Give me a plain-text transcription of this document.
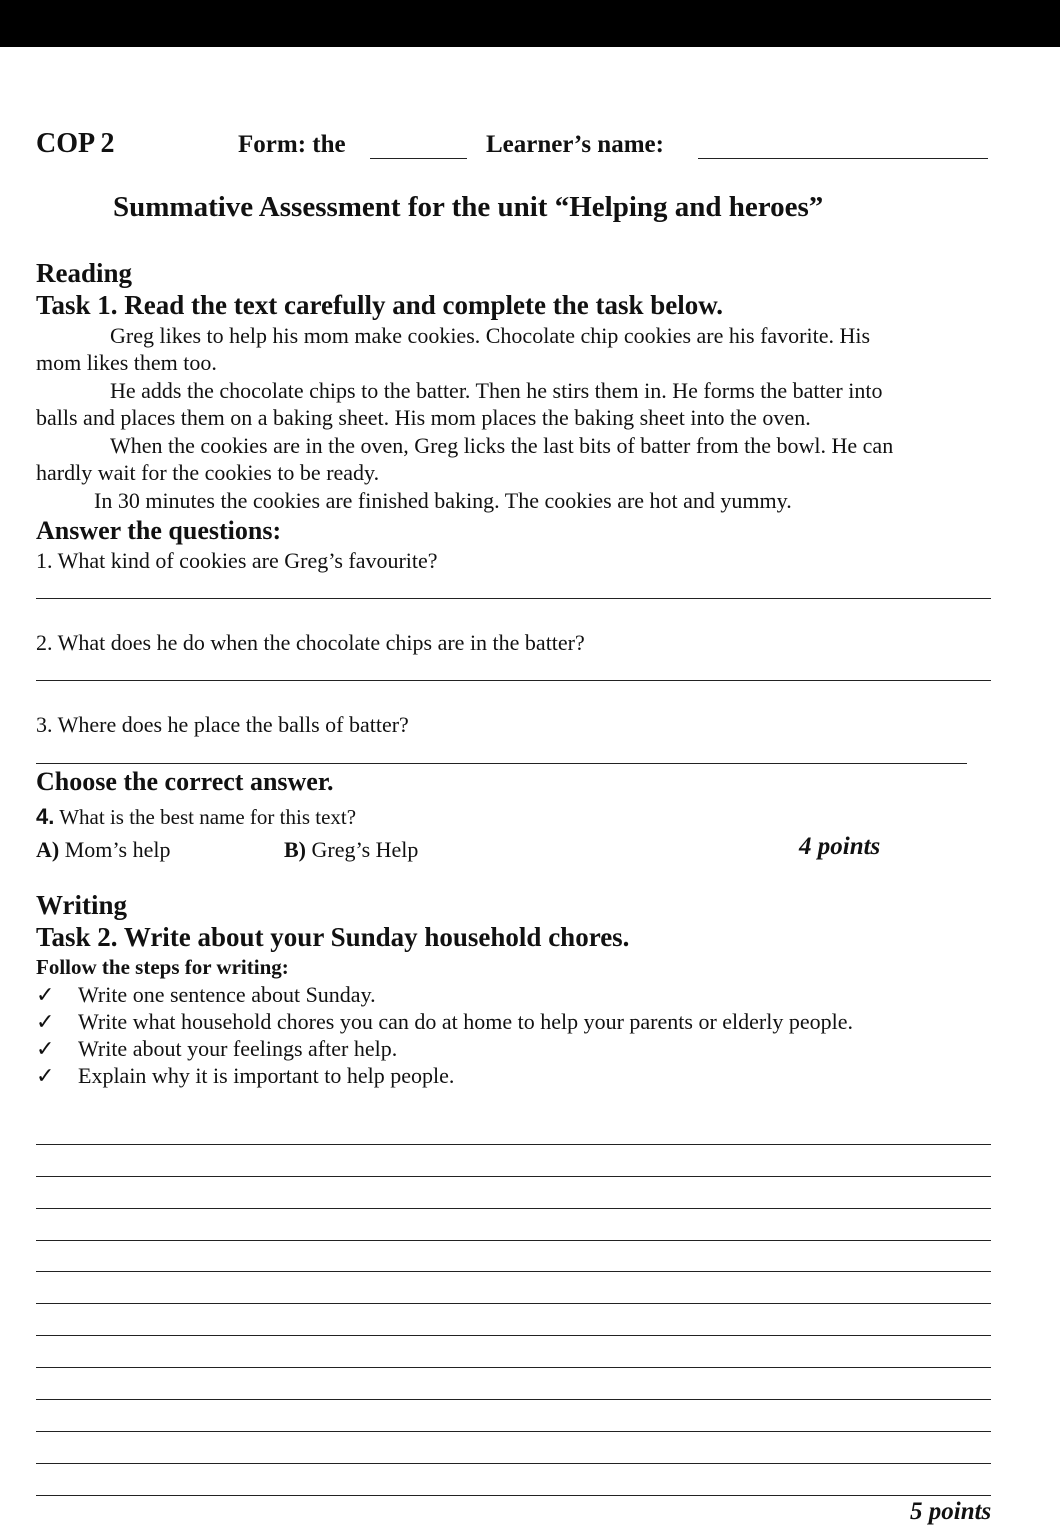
COP 2	Form: the	Learner’s name:
Summative Assessment for the unit “Helping and heroes”
Reading
Task 1. Read the text carefully and complete the task below.
Greg likes to help his mom make cookies. Chocolate chip cookies are his favorite. His
mom likes them too.
He adds the chocolate chips to the batter. Then he stirs them in. He forms the batter into
balls and places them on a baking sheet. His mom places the baking sheet into the oven.
When the cookies are in the oven, Greg licks the last bits of batter from the bowl. He can
hardly wait for the cookies to be ready.
In 30 minutes the cookies are finished baking. The cookies are hot and yummy.
Answer the questions:
1. What kind of cookies are Greg’s favourite?
2. What does he do when the chocolate chips are in the batter?
3. Where does he place the balls of batter?
Choose the correct answer.
4. What is the best name for this text?
A) Mom’s help	B) Greg’s Help	4 points
Writing
Task 2. Write about your Sunday household chores.
Follow the steps for writing:
✓ Write one sentence about Sunday.
✓ Write what household chores you can do at home to help your parents or elderly people.
✓ Write about your feelings after help.
✓ Explain why it is important to help people.
5 points
